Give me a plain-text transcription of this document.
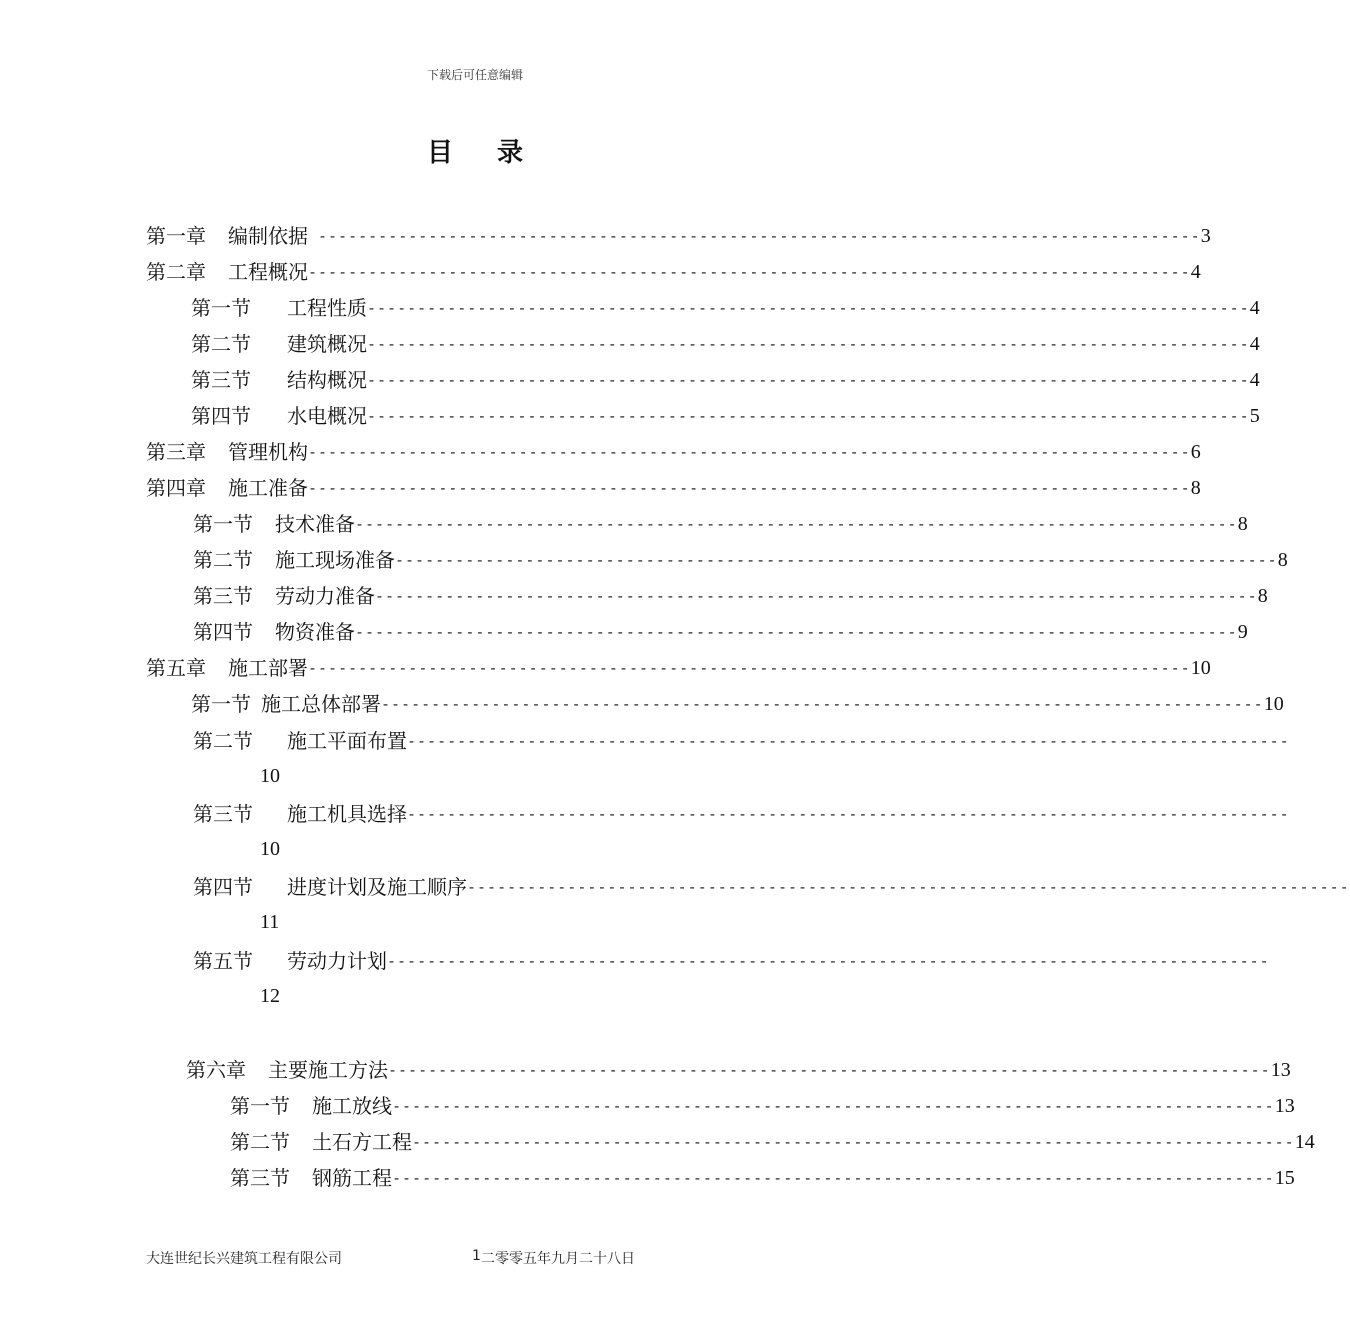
下载后可任意编辑
目 录
第一章 编制依据 ---------------------------------------------------------------------------------------- 3
第二章 工程概况 ---------------------------------------------------------------------------------------- 4
第一节 工程性质 ---------------------------------------------------------------------------------------- 4
第二节 建筑概况 ---------------------------------------------------------------------------------------- 4
第三节 结构概况 ---------------------------------------------------------------------------------------- 4
第四节 水电概况 ---------------------------------------------------------------------------------------- 5
第三章 管理机构 ---------------------------------------------------------------------------------------- 6
第四章 施工准备 ---------------------------------------------------------------------------------------- 8
第一节 技术准备 ---------------------------------------------------------------------------------------- 8
第二节 施工现场准备 ---------------------------------------------------------------------------------------- 8
第三节 劳动力准备 ---------------------------------------------------------------------------------------- 8
第四节 物资准备 ---------------------------------------------------------------------------------------- 9
第五章 施工部署 ---------------------------------------------------------------------------------------- 10
第一节 施工总体部署 ---------------------------------------------------------------------------------------- 10
第二节 施工平面布置 ----------------------------------------------------------------------------------------
10
第三节 施工机具选择 ----------------------------------------------------------------------------------------
10
第四节 进度计划及施工顺序 ----------------------------------------------------------------------------------------
11
第五节 劳动力计划 ----------------------------------------------------------------------------------------
12
第六章 主要施工方法 ---------------------------------------------------------------------------------------- 13
第一节 施工放线 ---------------------------------------------------------------------------------------- 13
第二节 土石方工程 ---------------------------------------------------------------------------------------- 14
第三节 钢筋工程 ---------------------------------------------------------------------------------------- 15
大连世纪长兴建筑工程有限公司	1 二零零五年九月二十八日
